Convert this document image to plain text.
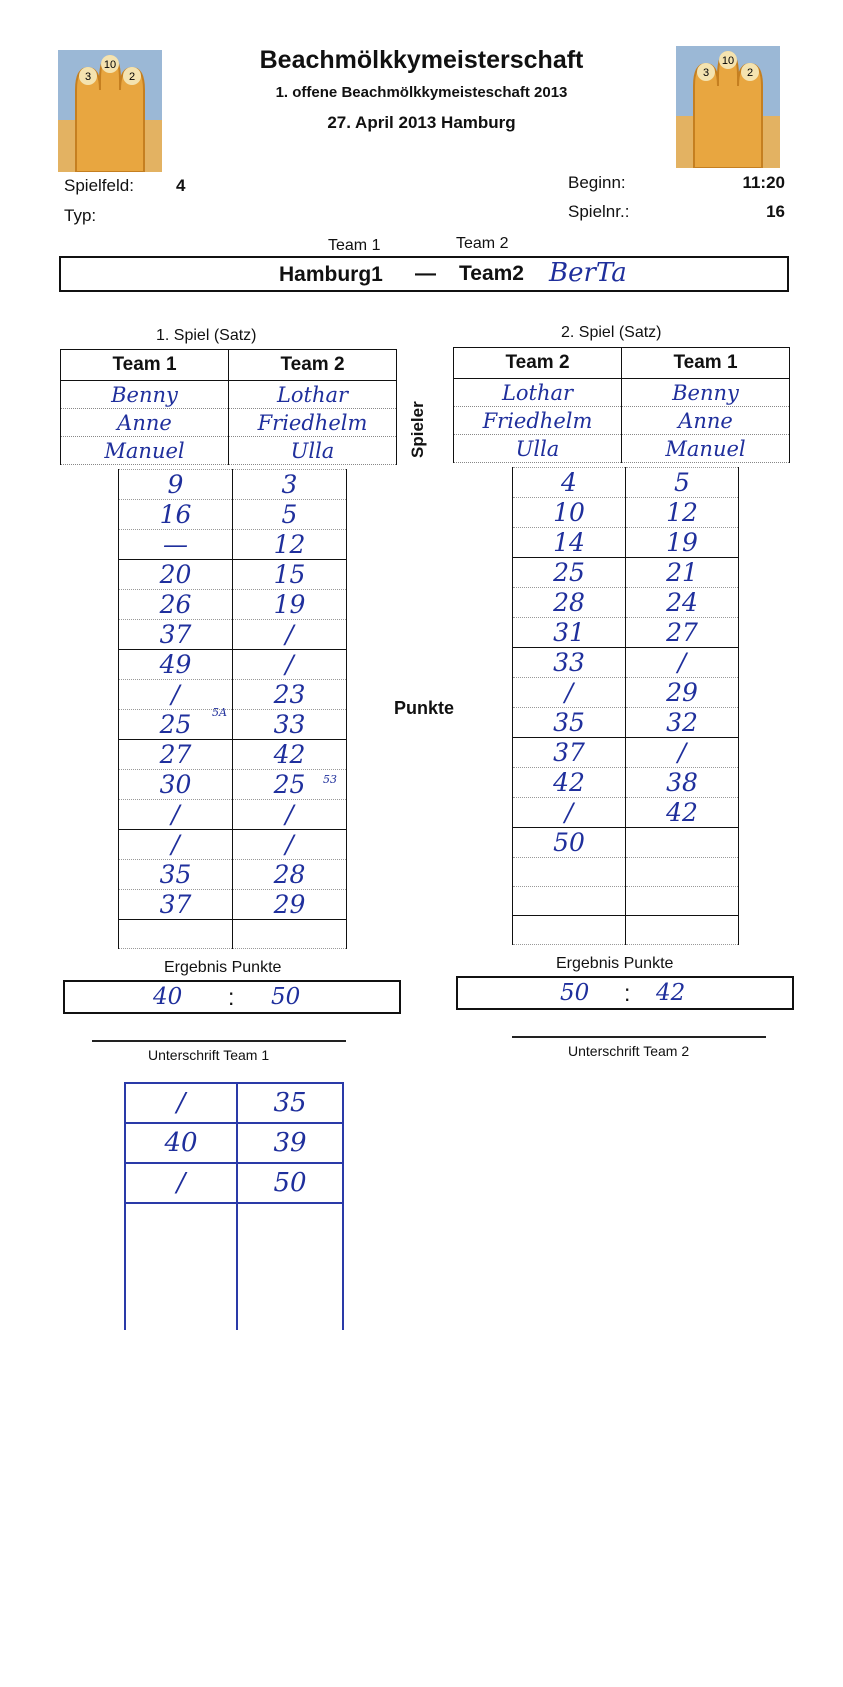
3
10
2	3
10
2
Beachmölkkymeisterschaft
1. offene Beachmölkkymeisteschaft 2013
27. April 2013 Hamburg
Spielfeld: 4
Typ:
Beginn:	11:20
Spielnr.:	16
Team 1	Team 2
Hamburg1 — Team2 BerTa
1. Spiel (Satz)
Team 1	Team 2
Benny	Lothar
Anne	Friedhelm
Manuel	Ulla
9	3
16	5
—	12
20	15
26	19
37	/
49	/
/	23
25	33
27	42
30	25
/	/
/	/
35	28
37	29

5A
53
Ergebnis Punkte
40 : 50
Unterschrift Team 1
Spieler
Punkte
2. Spiel (Satz)
Team 2	Team 1
Lothar	Benny
Friedhelm	Anne
Ulla	Manuel
4	5
10	12
14	19
25	21
28	24
31	27
33	/
/	29
35	32
37	/
42	38
/	42
50	

Ergebnis Punkte
50 : 42
Unterschrift Team 2
/	35
40	39
/	50
